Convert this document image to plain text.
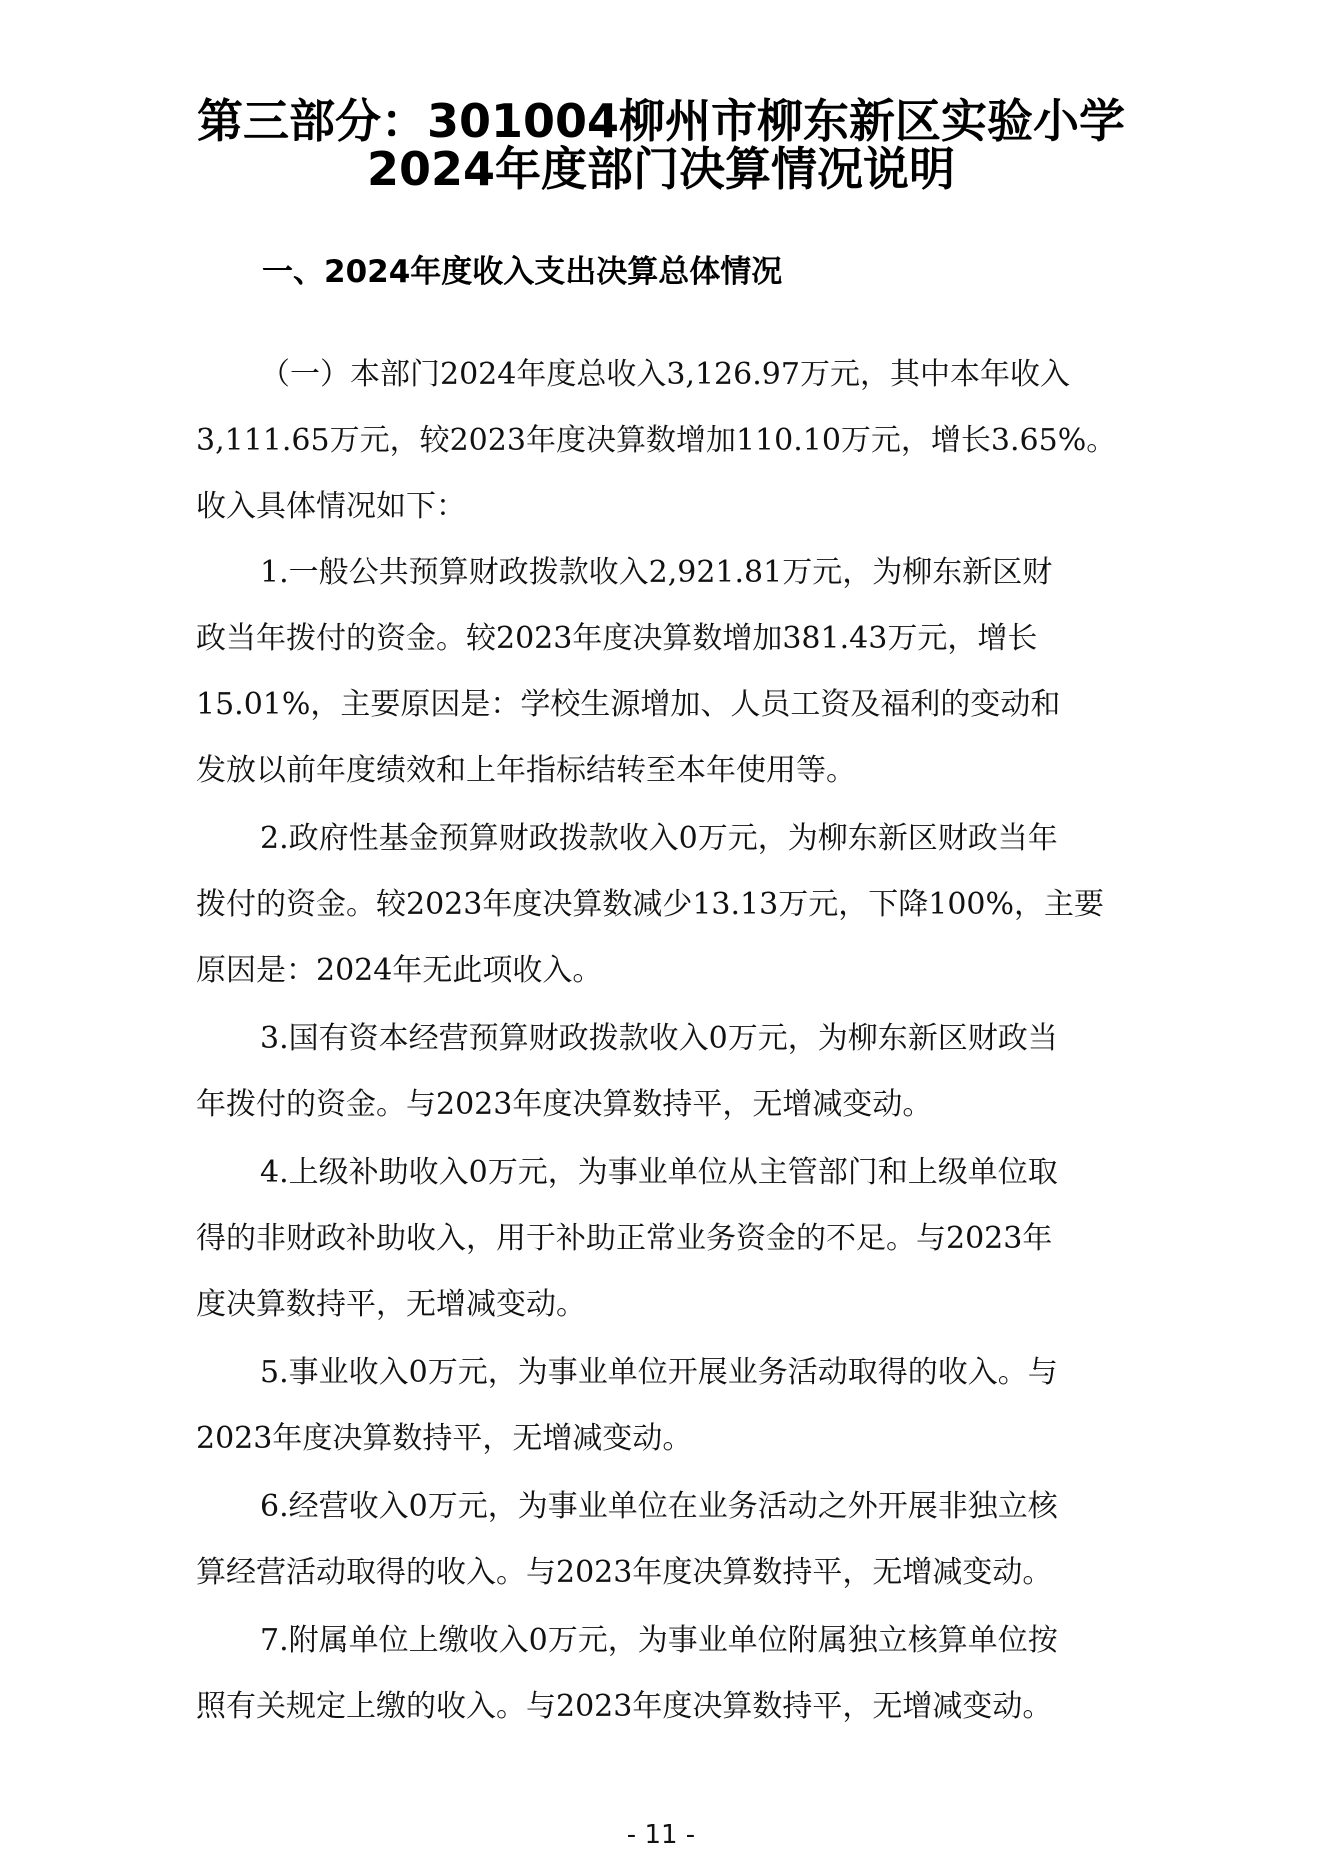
第三部分：301004柳州市柳东新区实验小学
2024年度部门决算情况说明
一、2024年度收入支出决算总体情况
（一）本部门2024年度总收入3,126.97万元，其中本年收入
3,111.65万元，较2023年度决算数增加110.10万元，增长3.65%。
收入具体情况如下：
1.一般公共预算财政拨款收入2,921.81万元，为柳东新区财
政当年拨付的资金。较2023年度决算数增加381.43万元，增长
15.01%，主要原因是：学校生源增加、人员工资及福利的变动和
发放以前年度绩效和上年指标结转至本年使用等。
2.政府性基金预算财政拨款收入0万元，为柳东新区财政当年
拨付的资金。较2023年度决算数减少13.13万元，下降100%，主要
原因是：2024年无此项收入。
3.国有资本经营预算财政拨款收入0万元，为柳东新区财政当
年拨付的资金。与2023年度决算数持平，无增减变动。
4.上级补助收入0万元，为事业单位从主管部门和上级单位取
得的非财政补助收入，用于补助正常业务资金的不足。与2023年
度决算数持平，无增减变动。
5.事业收入0万元，为事业单位开展业务活动取得的收入。与
2023年度决算数持平，无增减变动。
6.经营收入0万元，为事业单位在业务活动之外开展非独立核
算经营活动取得的收入。与2023年度决算数持平，无增减变动。
7.附属单位上缴收入0万元，为事业单位附属独立核算单位按
照有关规定上缴的收入。与2023年度决算数持平，无增减变动。
- 11 -
